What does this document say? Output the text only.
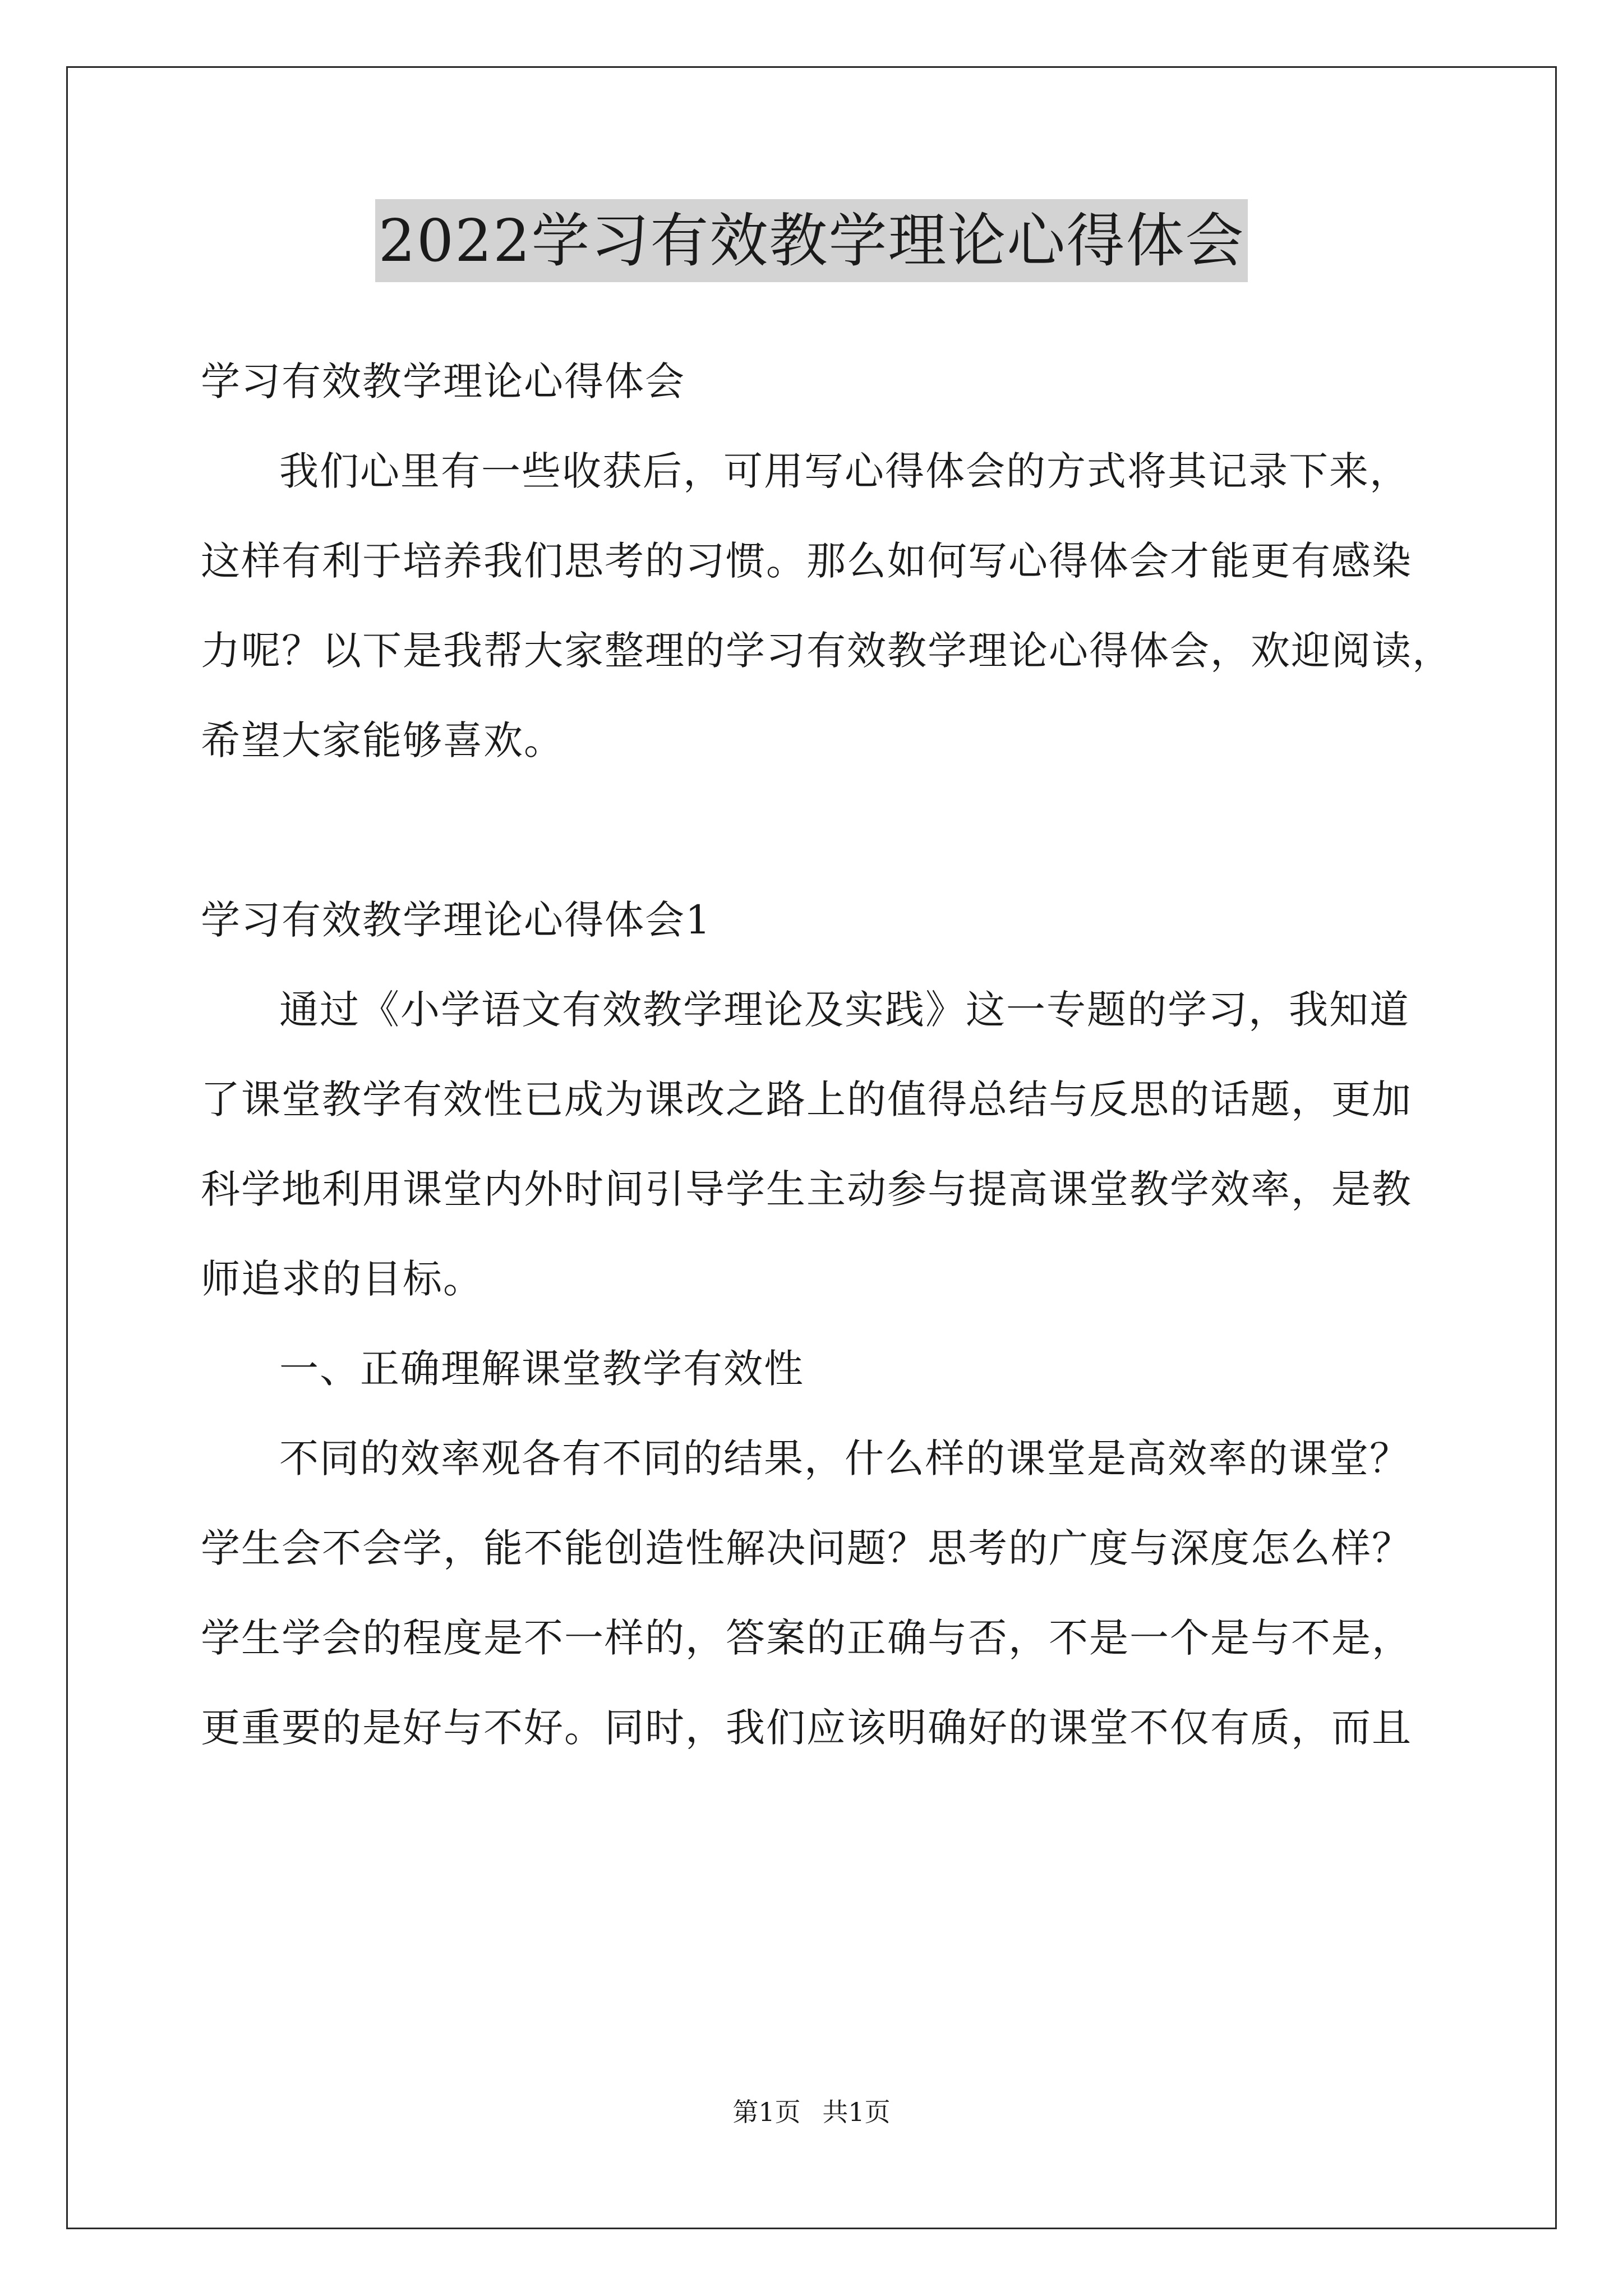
2022学习有效教学理论心得体会
学习有效教学理论心得体会
我们心里有一些收获后，可用写心得体会的方式将其记录下来，
这样有利于培养我们思考的习惯。那么如何写心得体会才能更有感染
力呢？以下是我帮大家整理的学习有效教学理论心得体会，欢迎阅读，
希望大家能够喜欢。
学习有效教学理论心得体会1
通过《小学语文有效教学理论及实践》这一专题的学习，我知道
了课堂教学有效性已成为课改之路上的值得总结与反思的话题，更加
科学地利用课堂内外时间引导学生主动参与提高课堂教学效率，是教
师追求的目标。
一、正确理解课堂教学有效性
不同的效率观各有不同的结果，什么样的课堂是高效率的课堂？
学生会不会学，能不能创造性解决问题？思考的广度与深度怎么样？
学生学会的程度是不一样的，答案的正确与否，不是一个是与不是，
更重要的是好与不好。同时，我们应该明确好的课堂不仅有质，而且
第1页 共1页
